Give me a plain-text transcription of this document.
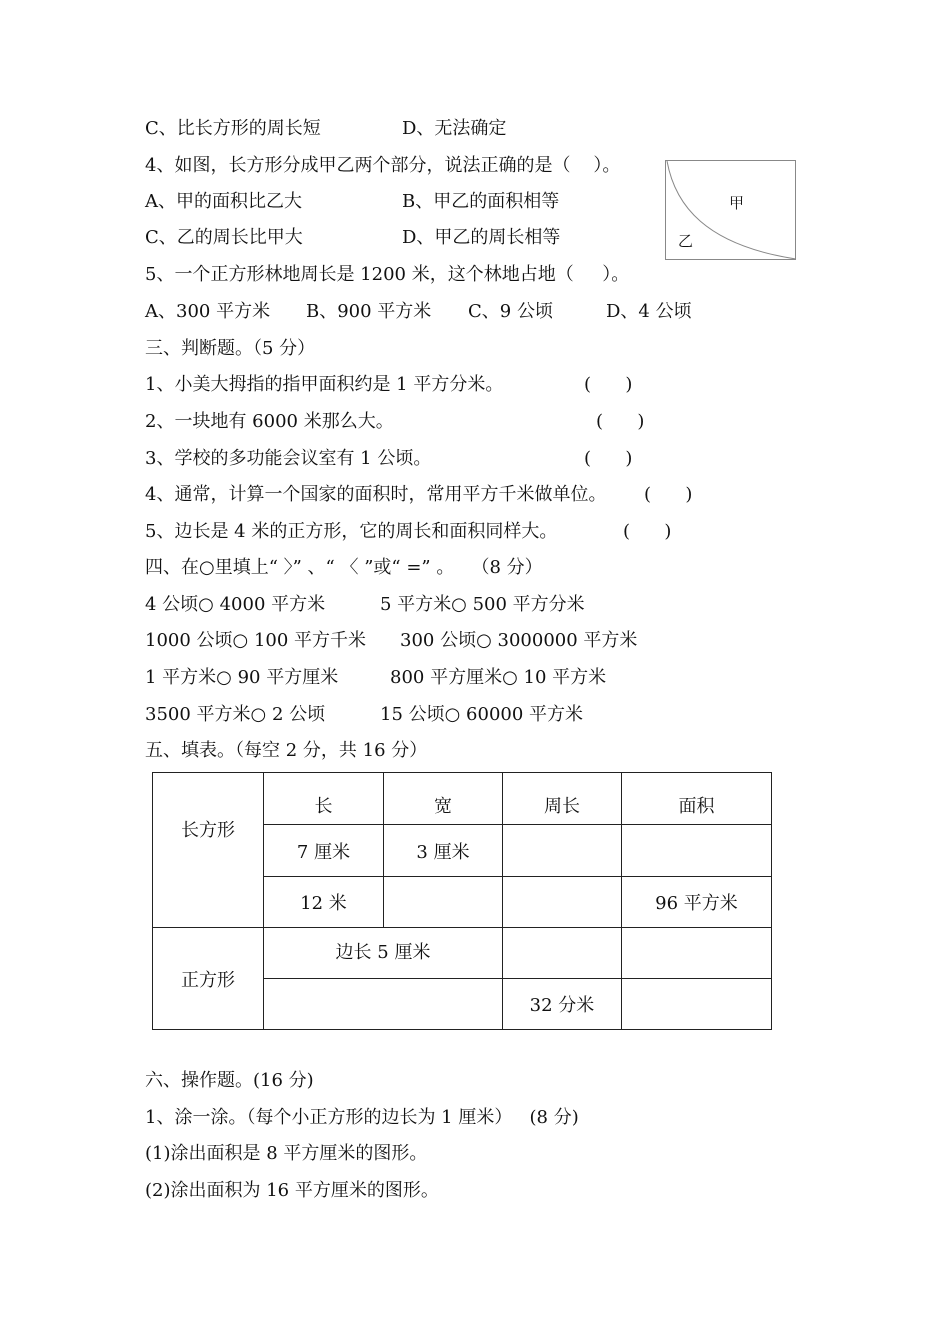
C、比长方形的周长短	D、无法确定
4、如图，长方形分成甲乙两个部分，说法正确的是（    ）。
A、甲的面积比乙大	B、甲乙的面积相等
C、乙的周长比甲大	D、甲乙的周长相等
甲
乙
5、一个正方形林地周长是 1200 米，这个林地占地（     ）。
A、300 平方米 B、900 平方米 C、9 公顷	D、4 公顷
三、判断题。（5 分）
1、小美大拇指的指甲面积约是 1 平方分米。	(      )
2、一块地有 6000 米那么大。	(      )
3、学校的多功能会议室有 1 公顷。	(      )
4、通常，计算一个国家的面积时，常用平方千米做单位。 (      )
5、边长是 4 米的正方形，它的周长和面积同样大。	(      )
四、在○里填上“ 〉” 、“ 〈 ”或“ =” 。   （8 分）
4 公顷○ 4000 平方米	5 平方米○ 500 平方分米
1000 公顷○ 100 平方千米 300 公顷○ 3000000 平方米
1 平方米○ 90 平方厘米	800 平方厘米○ 10 平方米
3500 平方米○ 2 公顷	15 公顷○ 60000 平方米
五、填表。（每空 2 分，共 16 分）
长方形	长	宽	周长	面积
	7 厘米	3 厘米		
	12 米			96 平方米
正方形	边长 5 厘米			
			32 分米	
六、操作题。(16 分)
1、涂一涂。（每个小正方形的边长为 1 厘米）   (8 分)
(1)涂出面积是 8 平方厘米的图形。
(2)涂出面积为 16 平方厘米的图形。
